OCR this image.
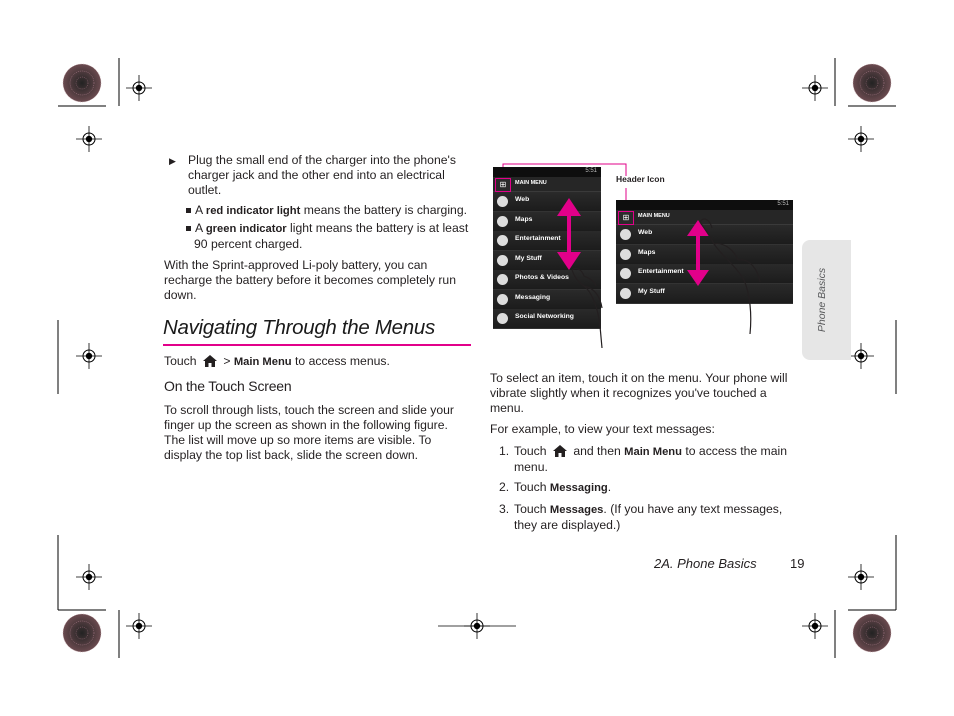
▶ Plug the small end of the charger into the phone's charger jack and the other end into an electrical outlet.
A red indicator light means the battery is charging.
A green indicator light means the battery is at least 90 percent charged.
With the Sprint-approved Li-poly battery, you can recharge the battery before it becomes completely run down.
Navigating Through the Menus
Touch > Main Menu to access menus.
On the Touch Screen
To scroll through lists, touch the screen and slide your finger up the screen as shown in the following figure. The list will move up so more items are visible. To display the top list back, slide the screen down.
Header Icon
5:51
⊞	MAIN MENU
Web
Maps
Entertainment
My Stuff
Photos & Videos
Messaging
Social Networking
5:51
⊞	MAIN MENU
Web
Maps
Entertainment
My Stuff
To select an item, touch it on the menu. Your phone will vibrate slightly when it recognizes you've touched a menu.
For example, to view your text messages:
1. Touch and then Main Menu to access the main menu.
2. Touch Messaging.
3. Touch Messages. (If you have any text messages, they are displayed.)
Phone Basics
2A. Phone Basics	19
